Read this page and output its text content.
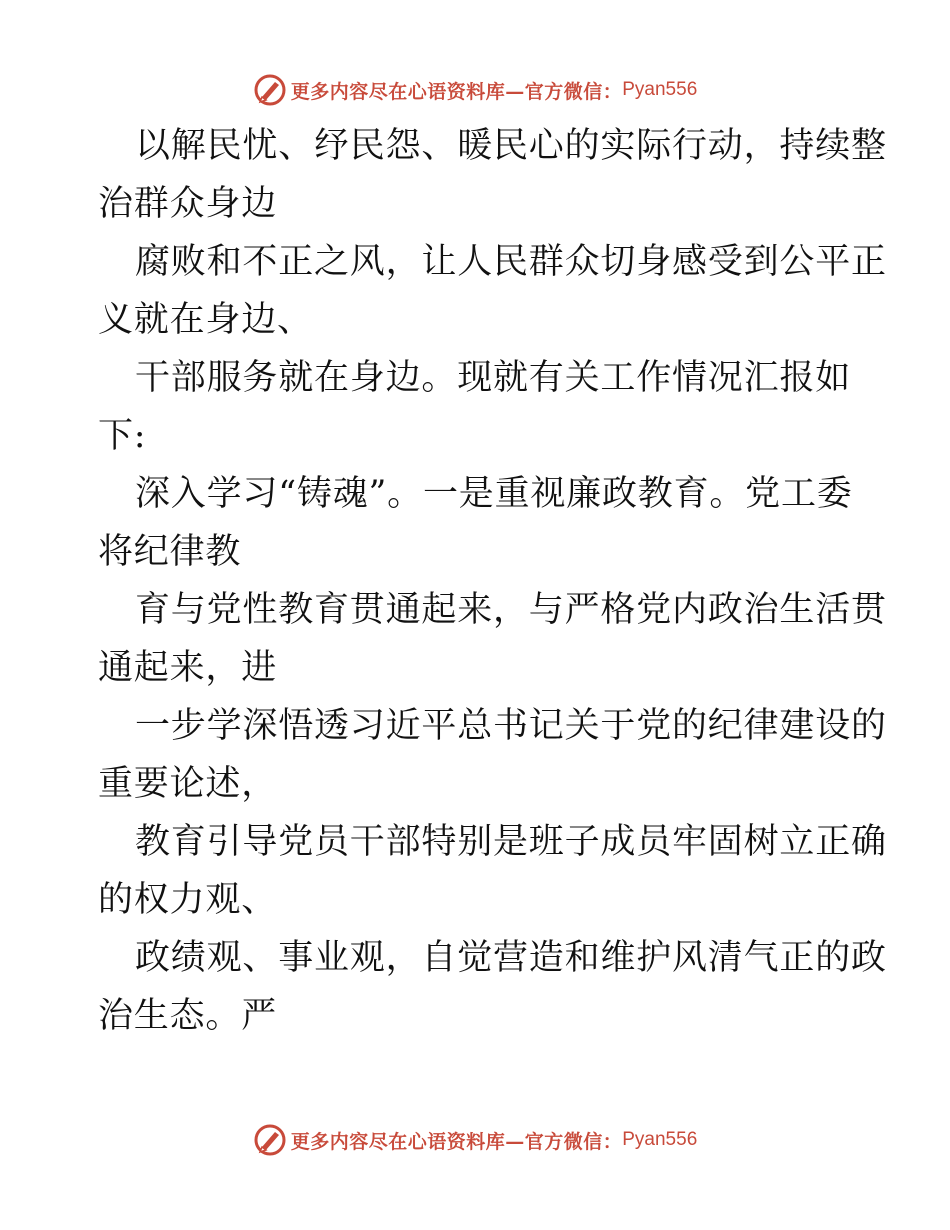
更多内容尽在心语资料库—官方微信： Pyan556

以解民忧、纾民怨、暖民心的实际行动，持续整
治群众身边

腐败和不正之风，让人民群众切身感受到公平正
义就在身边、

干部服务就在身边。现就有关工作情况汇报如
下:

深入学习“铸魂”。一是重视廉政教育。党工委
将纪律教

育与党性教育贯通起来，与严格党内政治生活贯
通起来，进

一步学深悟透习近平总书记关于党的纪律建设的
重要论述，

教育引导党员干部特别是班子成员牢固树立正确
的权力观、

政绩观、事业观，自觉营造和维护风清气正的政
治生态。严

更多内容尽在心语资料库—官方微信： Pyan556
